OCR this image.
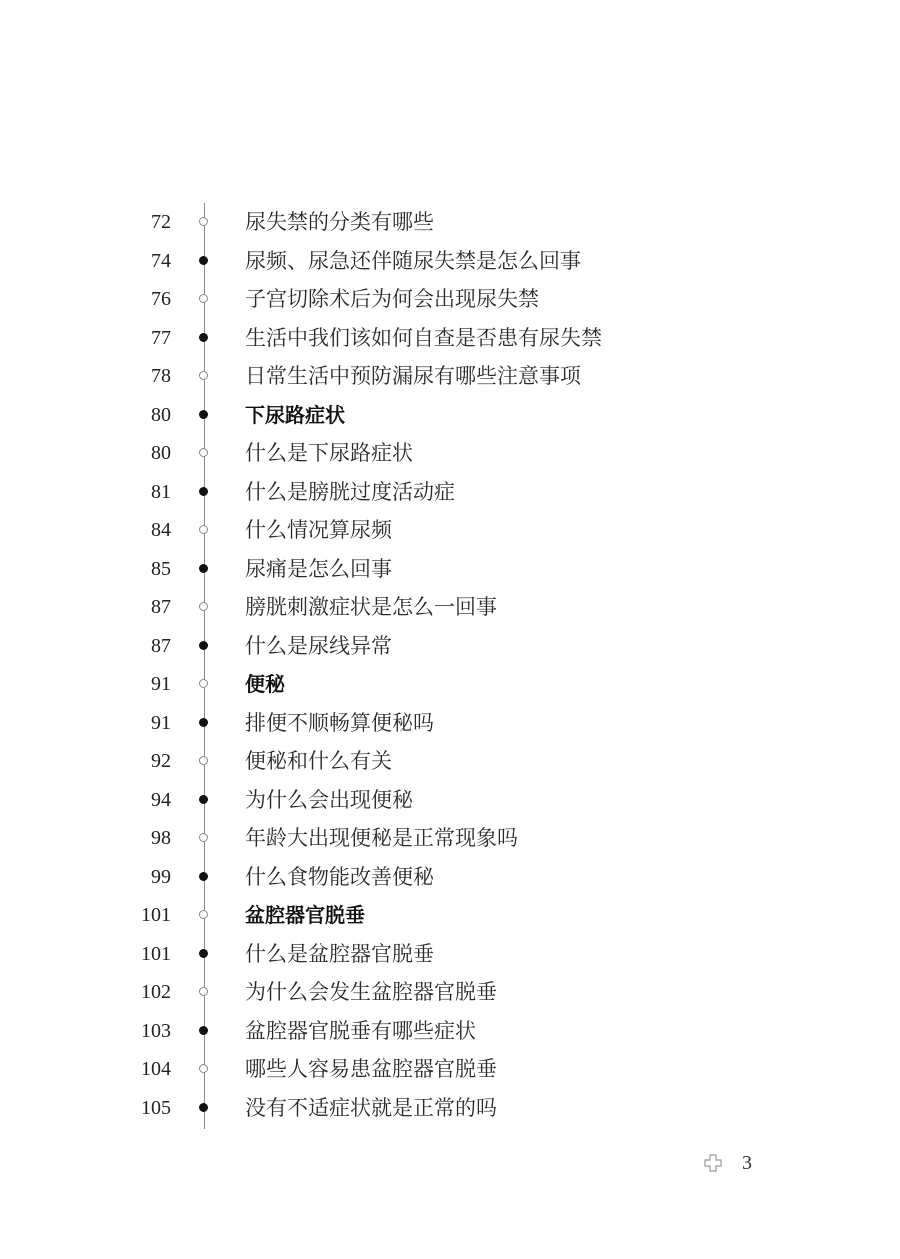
72	尿失禁的分类有哪些
74	尿频、尿急还伴随尿失禁是怎么回事
76	子宫切除术后为何会出现尿失禁
77	生活中我们该如何自查是否患有尿失禁
78	日常生活中预防漏尿有哪些注意事项
80	下尿路症状
80	什么是下尿路症状
81	什么是膀胱过度活动症
84	什么情况算尿频
85	尿痛是怎么回事
87	膀胱刺激症状是怎么一回事
87	什么是尿线异常
91	便秘
91	排便不顺畅算便秘吗
92	便秘和什么有关
94	为什么会出现便秘
98	年龄大出现便秘是正常现象吗
99	什么食物能改善便秘
101	盆腔器官脱垂
101	什么是盆腔器官脱垂
102	为什么会发生盆腔器官脱垂
103	盆腔器官脱垂有哪些症状
104	哪些人容易患盆腔器官脱垂
105	没有不适症状就是正常的吗
3
